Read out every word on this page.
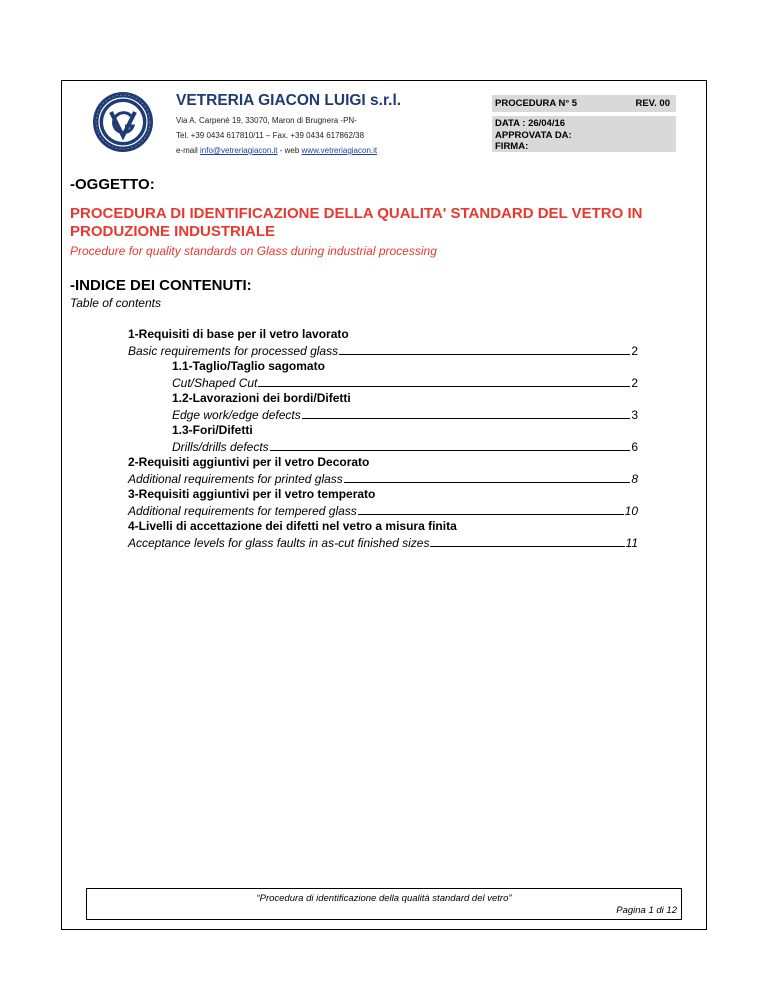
VETRERIA GIACON LUIGI s.r.l.
Via A. Carpenè 19, 33070, Maron di Brugnera -PN-
Tel. +39 0434 617810/11 – Fax. +39 0434 617862/38
e-mail info@vetreriagiacon.it - web www.vetreriagiacon.it
PROCEDURA N° 5	REV. 00
DATA : 26/04/16
APPROVATA DA:
FIRMA:
-OGGETTO:
PROCEDURA DI IDENTIFICAZIONE DELLA QUALITA' STANDARD DEL VETRO IN PRODUZIONE INDUSTRIALE
Procedure for quality standards on Glass during industrial processing
-INDICE DEI CONTENUTI:
Table of contents
1-Requisiti di base per il vetro lavorato
Basic requirements for processed glass	2
1.1-Taglio/Taglio sagomato
Cut/Shaped Cut	2
1.2-Lavorazioni dei bordi/Difetti
Edge work/edge defects	3
1.3-Fori/Difetti
Drills/drills defects	6
2-Requisiti aggiuntivi per il vetro Decorato
Additional requirements for printed glass	8
3-Requisiti aggiuntivi per il vetro temperato
Additional requirements for tempered glass	10
4-Livelli di accettazione dei difetti nel vetro a misura finita
Acceptance levels for glass faults in as-cut finished sizes	11
“Procedura di identificazione della qualità standard del vetro”
Pagina 1 di 12
